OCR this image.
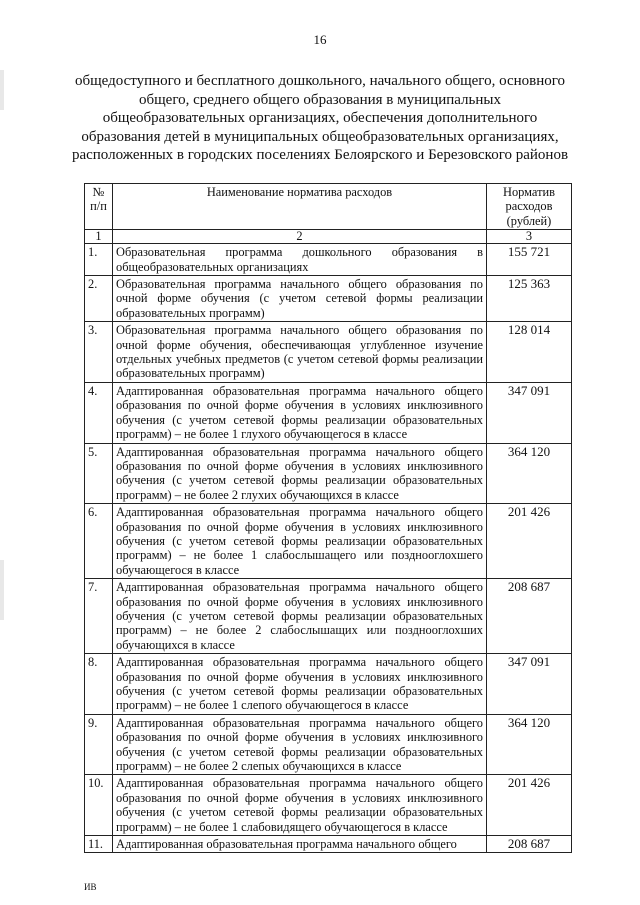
16
общедоступного и бесплатного дошкольного, начального общего, основного общего, среднего общего образования в муниципальных общеобразовательных организациях, обеспечения дополнительного образования детей в муниципальных общеобразовательных организациях, расположенных в городских поселениях Белоярского и Березовского районов
№ п/п	Наименование норматива расходов	Норматив расходов (рублей)
1	2	3
1.	Образовательная программа дошкольного образования в общеобразовательных организациях	155 721
2.	Образовательная программа начального общего образования по очной форме обучения (с учетом сетевой формы реализации образовательных программ)	125 363
3.	Образовательная программа начального общего образования по очной форме обучения, обеспечивающая углубленное изучение отдельных учебных предметов (с учетом сетевой формы реализации образовательных программ)	128 014
4.	Адаптированная образовательная программа начального общего образования по очной форме обучения в условиях инклюзивного обучения (с учетом сетевой формы реализации образовательных программ) – не более 1 глухого обучающегося в классе	347 091
5.	Адаптированная образовательная программа начального общего образования по очной форме обучения в условиях инклюзивного обучения (с учетом сетевой формы реализации образовательных программ) – не более 2 глухих обучающихся в классе	364 120
6.	Адаптированная образовательная программа начального общего образования по очной форме обучения в условиях инклюзивного обучения (с учетом сетевой формы реализации образовательных программ) – не более 1 слабослышащего или позднооглохшего обучающегося в классе	201 426
7.	Адаптированная образовательная программа начального общего образования по очной форме обучения в условиях инклюзивного обучения (с учетом сетевой формы реализации образовательных программ) – не более 2 слабослышащих или позднооглохших обучающихся в классе	208 687
8.	Адаптированная образовательная программа начального общего образования по очной форме обучения в условиях инклюзивного обучения (с учетом сетевой формы реализации образовательных программ) – не более 1 слепого обучающегося в классе	347 091
9.	Адаптированная образовательная программа начального общего образования по очной форме обучения в условиях инклюзивного обучения (с учетом сетевой формы реализации образовательных программ) – не более 2 слепых обучающихся в классе	364 120
10.	Адаптированная образовательная программа начального общего образования по очной форме обучения в условиях инклюзивного обучения (с учетом сетевой формы реализации образовательных программ) – не более 1 слабовидящего обучающегося в классе	201 426
11.	Адаптированная образовательная программа начального общего	208 687
ИВ
